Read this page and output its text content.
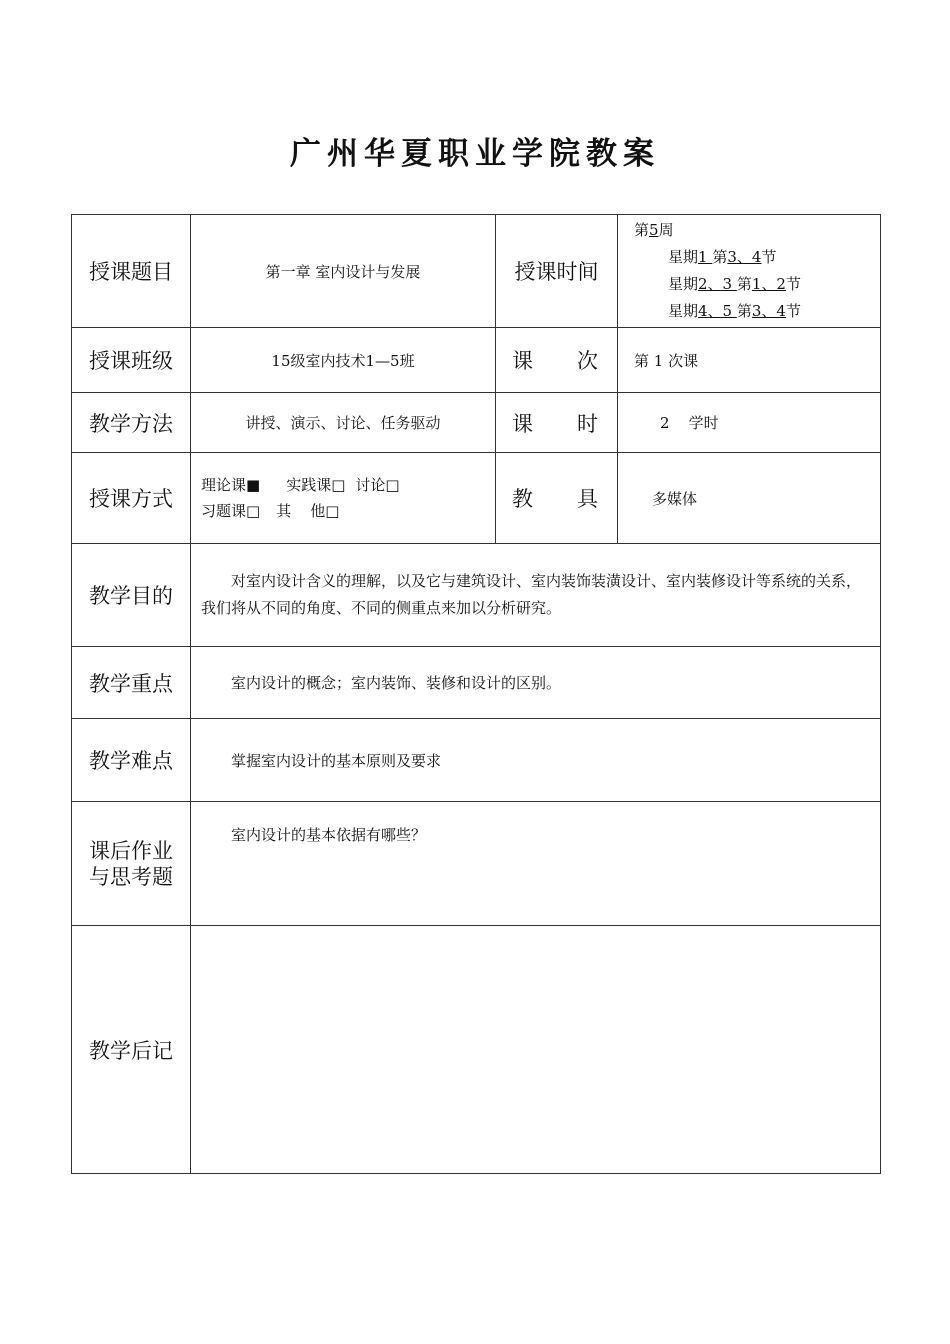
广州华夏职业学院教案
授课题目	第一章 室内设计与发展	授课时间	第5周
星期1 第3、4节
星期2、3 第1、2节
星期4、5 第3、4节

授课班级	15级室内技术1—5班	课 次	第 1 次课
教学方法	讲授、演示、讨论、任务驱动	课 时	2    学时
授课方式	理论课■ 实践课□ 讨论□
习题课□ 其    他□	教 具	多媒体
教学目的	对室内设计含义的理解，以及它与建筑设计、室内装饰装潢设计、室内装修设计等系统的关系，我们将从不同的角度、不同的侧重点来加以分析研究。		
教学重点	室内设计的概念；室内装饰、装修和设计的区别。		
教学难点	掌握室内设计的基本原则及要求		

课后作业
与思考题	室内设计的基本依据有哪些？		
教学后记			
